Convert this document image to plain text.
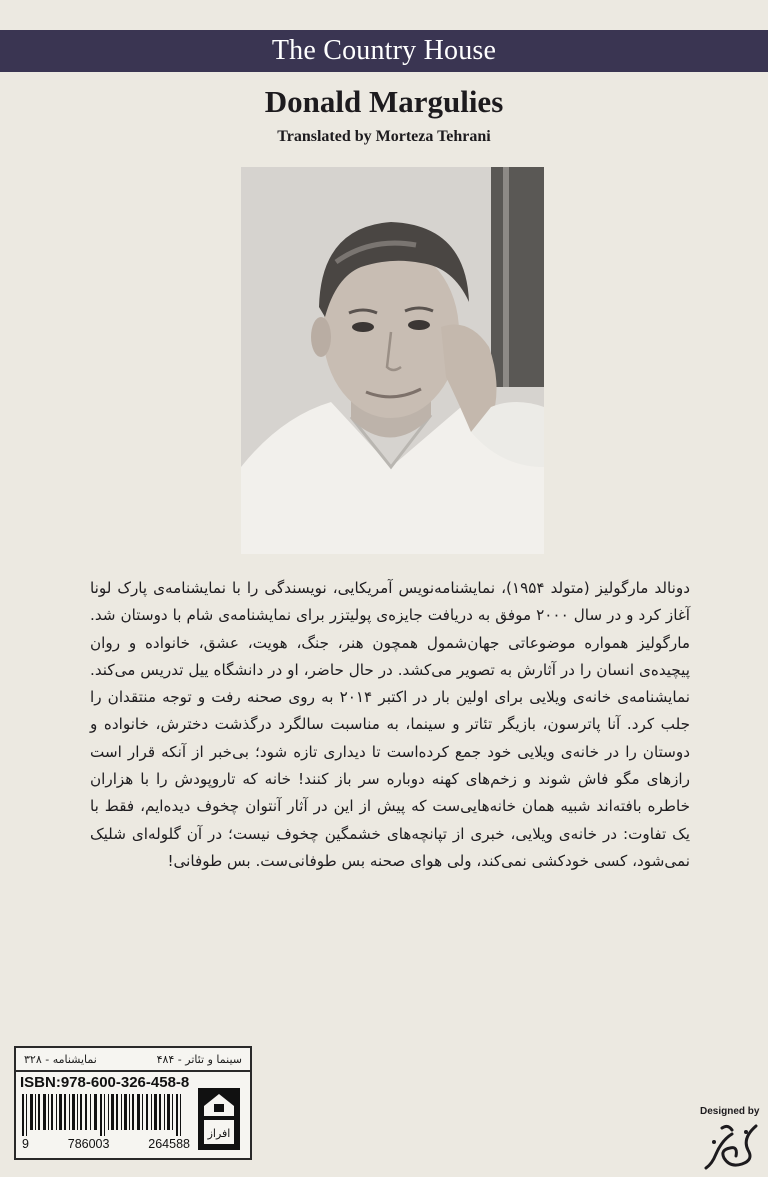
The Country House
Donald Margulies
Translated by Morteza Tehrani
دونالد مارگولیز (متولد ۱۹۵۴)، نمایشنامه‌نویس آمریکایی، نویسندگی را با نمایشنامه‌ی پارک لونا آغاز کرد و در سال ۲۰۰۰ موفق به دریافت جایزه‌ی پولیتزر برای نمایشنامه‌ی شام با دوستان شد. مارگولیز همواره موضوعاتی جهان‌شمول همچون هنر، جنگ، هویت، عشق، خانواده و روان پیچیده‌ی انسان را در آثارش به تصویر می‌کشد. در حال حاضر، او در دانشگاه ییل تدریس می‌کند. نمایشنامه‌ی خانه‌ی ویلایی برای اولین بار در اکتبر ۲۰۱۴ به روی صحنه رفت و توجه منتقدان را جلب کرد. آنا پاترسون، بازیگر تئاتر و سینما، به مناسبت سالگرد درگذشت دخترش، خانواده و دوستان را در خانه‌ی ویلایی خود جمع کرده‌است تا دیداری تازه شود؛ بی‌خبر از آنکه قرار است رازهای مگو فاش شوند و زخم‌های کهنه دوباره سر باز کنند! خانه که تارو‌پودش را با هزاران خاطره بافته‌اند شبیه همان خانه‌هایی‌ست که پیش از این در آثار آنتوان چخوف دیده‌ایم، فقط با یک تفاوت: در خانه‌ی ویلایی، خبری از تپانچه‌های خشمگین چخوف نیست؛ در آن گلوله‌ای شلیک نمی‌شود، کسی خودکشی نمی‌کند، ولی هوای صحنه بس طوفانی‌ست. بس طوفانی!
سینما و تئاتر - ۴۸۴
نمایشنامه - ۳۲۸
ISBN:978-600-326-458-8
9	786003	264588
افراز
Designed by
